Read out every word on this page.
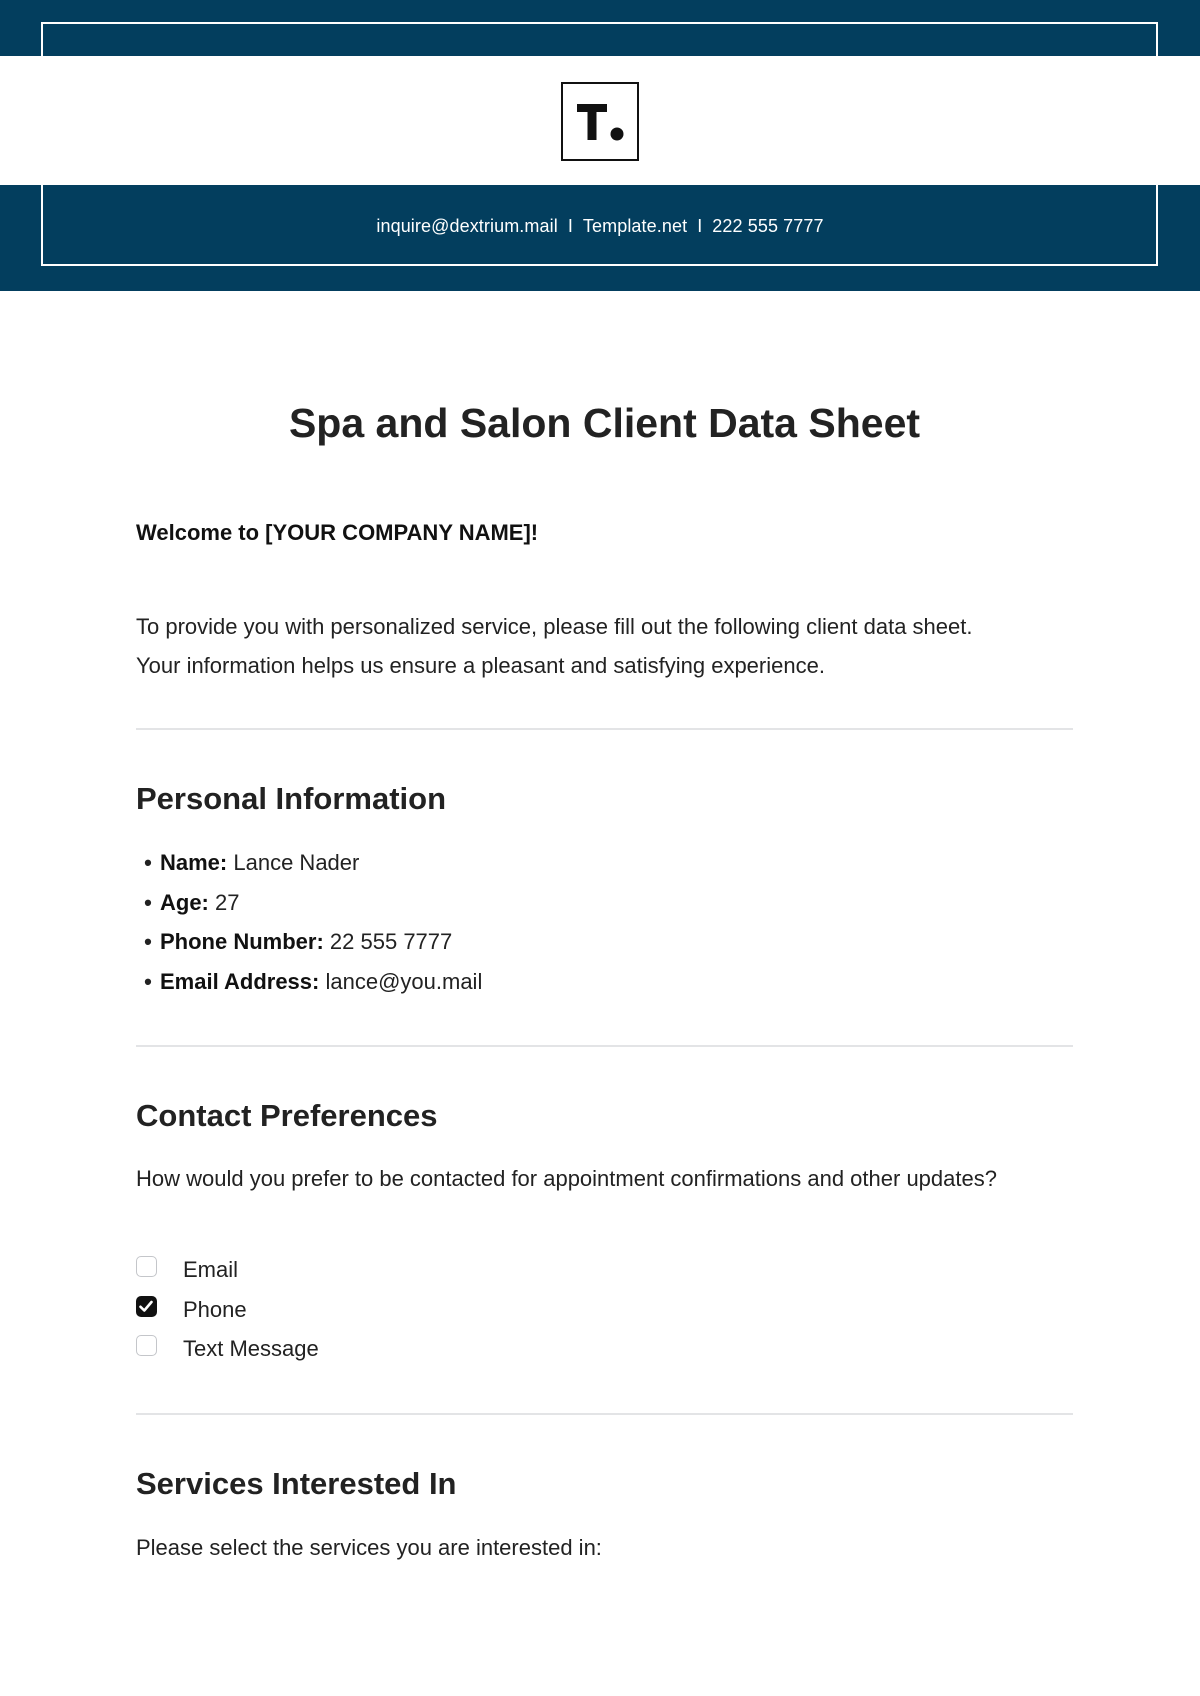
inquire@dextrium.mail I Template.net I 222 555 7777
Spa and Salon Client Data Sheet
Welcome to [YOUR COMPANY NAME]!
To provide you with personalized service, please fill out the following client data sheet.
Your information helps us ensure a pleasant and satisfying experience.
Personal Information
• Name: Lance Nader
• Age: 27
• Phone Number: 22 555 7777
• Email Address: lance@you.mail
Contact Preferences
How would you prefer to be contacted for appointment confirmations and other updates?
Email
Phone
Text Message
Services Interested In
Please select the services you are interested in:
